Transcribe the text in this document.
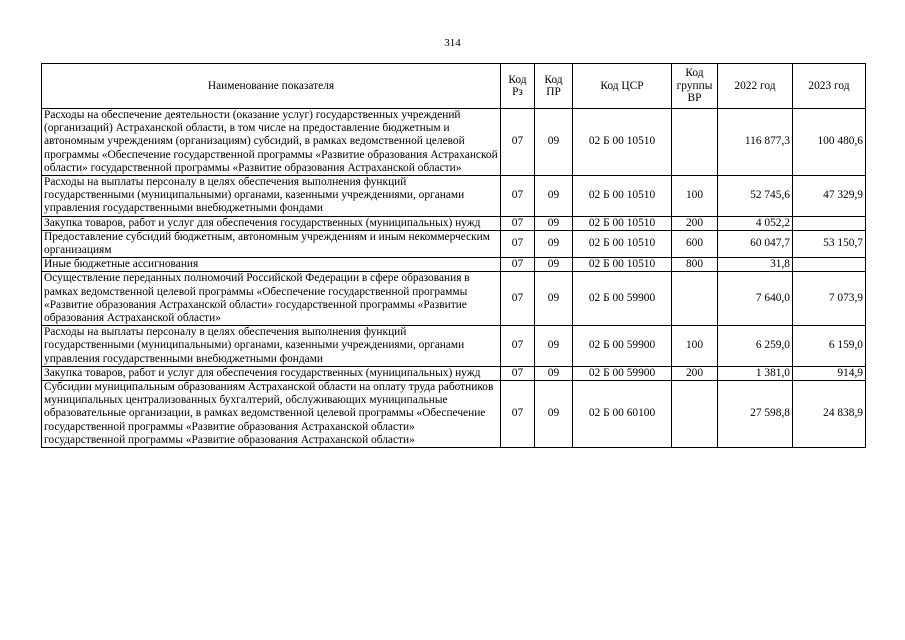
314
Наименование показателя	Код Рз	Код ПР	Код ЦСР	Код группы ВР	2022 год	2023 год
Расходы на обеспечение деятельности (оказание услуг) государственных учреждений (организаций) Астраханской области, в том числе на предоставление бюджетным и автономным учреждениям (организациям) субсидий, в рамках ведомственной целевой программы «Обеспечение государственной программы «Развитие образования Астраханской области» государственной программы «Развитие образования Астраханской области»	07	09	02 Б 00 10510		116 877,3	100 480,6
Расходы на выплаты персоналу в целях обеспечения выполнения функций государственными (муниципальными) органами, казенными учреждениями, органами управления государственными внебюджетными фондами	07	09	02 Б 00 10510	100	52 745,6	47 329,9
Закупка товаров, работ и услуг для обеспечения государственных (муниципальных) нужд	07	09	02 Б 00 10510	200	4 052,2	
Предоставление субсидий бюджетным, автономным учреждениям и иным некоммерческим организациям	07	09	02 Б 00 10510	600	60 047,7	53 150,7
Иные бюджетные ассигнования	07	09	02 Б 00 10510	800	31,8	
Осуществление переданных полномочий Российской Федерации в сфере образования в рамках ведомственной целевой программы «Обеспечение государственной программы «Развитие образования Астраханской области» государственной программы «Развитие образования Астраханской области»	07	09	02 Б 00 59900		7 640,0	7 073,9
Расходы на выплаты персоналу в целях обеспечения выполнения функций государственными (муниципальными) органами, казенными учреждениями, органами управления государственными внебюджетными фондами	07	09	02 Б 00 59900	100	6 259,0	6 159,0
Закупка товаров, работ и услуг для обеспечения государственных (муниципальных) нужд	07	09	02 Б 00 59900	200	1 381,0	914,9
Субсидии муниципальным образованиям Астраханской области на оплату труда работников муниципальных централизованных бухгалтерий, обслуживающих муниципальные образовательные организации, в рамках ведомственной целевой программы «Обеспечение государственной программы «Развитие образования Астраханской области» государственной программы «Развитие образования Астраханской области»	07	09	02 Б 00 60100		27 598,8	24 838,9
